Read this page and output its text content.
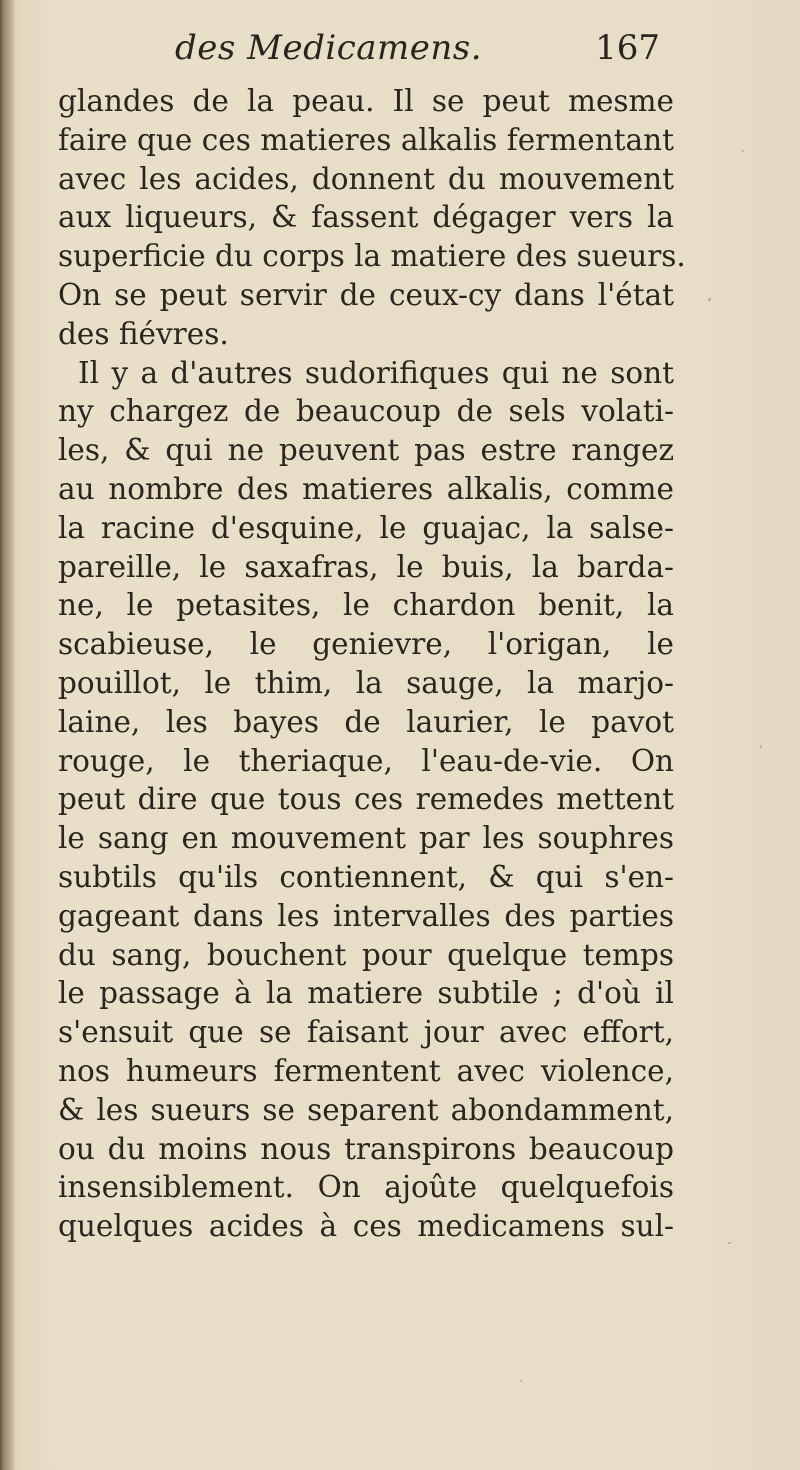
des Medicamens.	167
glandes de la peau. Il se peut mesme
faire que ces matieres alkalis fermentant
avec les acides, donnent du mouvement
aux liqueurs, & fassent dégager vers la
superficie du corps la matiere des sueurs.
On se peut servir de ceux-cy dans l'état
des fiévres.
Il y a d'autres sudorifiques qui ne sont
ny chargez de beaucoup de sels volati-
les, & qui ne peuvent pas estre rangez
au nombre des matieres alkalis, comme
la racine d'esquine, le guajac, la salse-
pareille, le saxafras, le buis, la barda-
ne, le petasites, le chardon benit, la
scabieuse, le genievre, l'origan, le
pouillot, le thim, la sauge, la marjo-
laine, les bayes de laurier, le pavot
rouge, le theriaque, l'eau-de-vie. On
peut dire que tous ces remedes mettent
le sang en mouvement par les souphres
subtils qu'ils contiennent, & qui s'en-
gageant dans les intervalles des parties
du sang, bouchent pour quelque temps
le passage à la matiere subtile ; d'où il
s'ensuit que se faisant jour avec effort,
nos humeurs fermentent avec violence,
& les sueurs se separent abondamment,
ou du moins nous transpirons beaucoup
insensiblement. On ajoûte quelquefois
quelques acides à ces medicamens sul-
